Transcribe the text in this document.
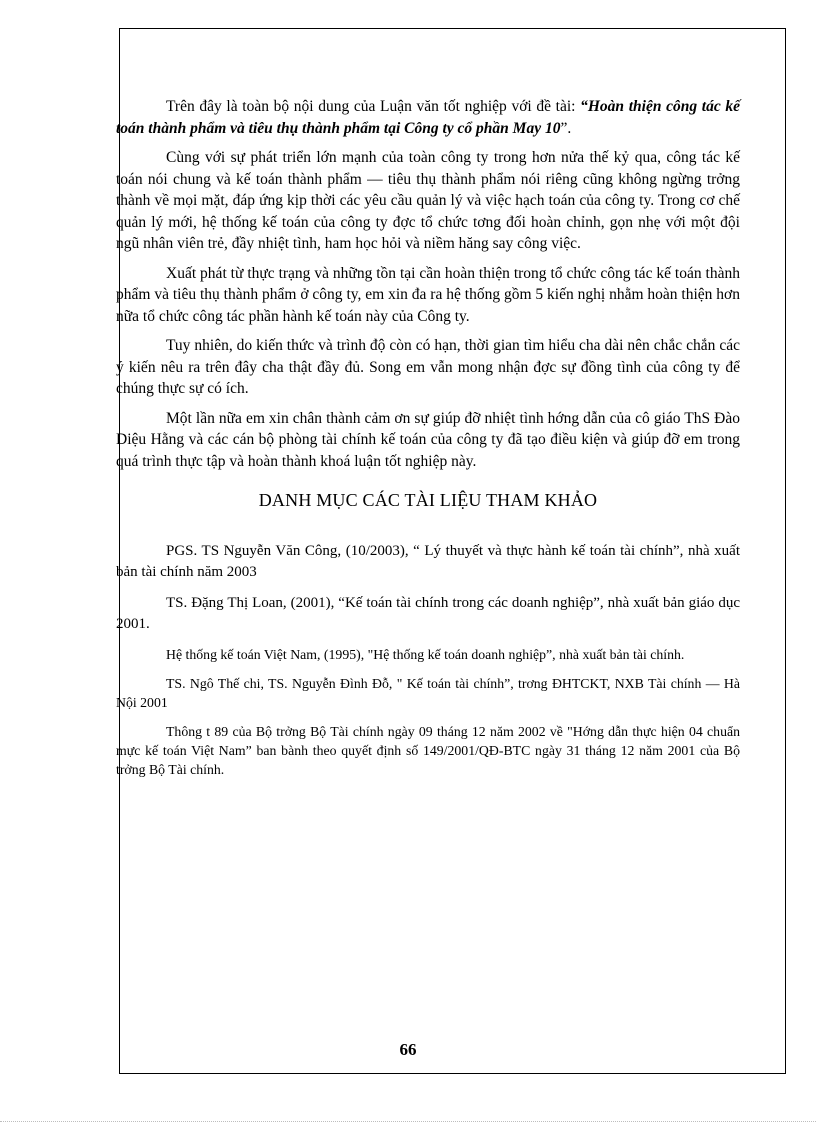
Trên đây là toàn bộ nội dung của Luận văn tốt nghiệp với đề tài: “Hoàn thiện công tác kế toán thành phẩm và tiêu thụ thành phẩm tại Công ty cổ phần May 10”.

Cùng với sự phát triển lớn mạnh của toàn công ty trong hơn nửa thế kỷ qua, công tác kế toán nói chung và kế toán thành phẩm — tiêu thụ thành phẩm nói riêng cũng không ngừng trởng thành về mọi mặt, đáp ứng kịp thời các yêu cầu quản lý và việc hạch toán của công ty. Trong cơ chế quản lý mới, hệ thống kế toán của công ty đợc tổ chức tơng đối hoàn chỉnh, gọn nhẹ với một đội ngũ nhân viên trẻ, đầy nhiệt tình, ham học hỏi và niềm hăng say công việc.

Xuất phát từ thực trạng và những tồn tại cần hoàn thiện trong tổ chức công tác kế toán thành phẩm và tiêu thụ thành phẩm ở công ty, em xin đa ra hệ thống gồm 5 kiến nghị nhằm hoàn thiện hơn nữa tổ chức công tác phần hành kế toán này của Công ty.

Tuy nhiên, do kiến thức và trình độ còn có hạn, thời gian tìm hiểu cha dài nên chắc chắn các ý kiến nêu ra trên đây cha thật đầy đủ. Song em vẫn mong nhận đợc sự đồng tình của công ty để chúng thực sự có ích.

Một lần nữa em xin chân thành cảm ơn sự giúp đỡ nhiệt tình hớng dẫn của cô giáo ThS Đào Diệu Hằng và các cán bộ phòng tài chính kế toán của công ty đã tạo điều kiện và giúp đỡ em trong quá trình thực tập và hoàn thành khoá luận tốt nghiệp này.

DANH MỤC CÁC TÀI LIỆU THAM KHẢO

PGS. TS Nguyễn Văn Công, (10/2003), “ Lý thuyết và thực hành kế toán tài chính”, nhà xuất bản tài chính năm 2003

TS. Đặng Thị Loan, (2001), “Kế toán tài chính trong các doanh nghiệp”, nhà xuất bản giáo dục 2001.

Hệ thống kế toán Việt Nam, (1995), "Hệ thống kế toán doanh nghiệp”, nhà xuất bản tài chính.

TS. Ngô Thế chi, TS. Nguyễn Đình Đỗ, " Kế toán tài chính”, trơng ĐHTCKT, NXB Tài chính — Hà Nội 2001

Thông t 89 của Bộ trởng Bộ Tài chính ngày 09 tháng 12 năm 2002 về "Hớng dẫn thực hiện 04 chuẩn mực kế toán Việt Nam” ban bành theo quyết định số 149/2001/QĐ-BTC ngày 31 tháng 12 năm 2001 của Bộ trởng Bộ Tài chính.

66
